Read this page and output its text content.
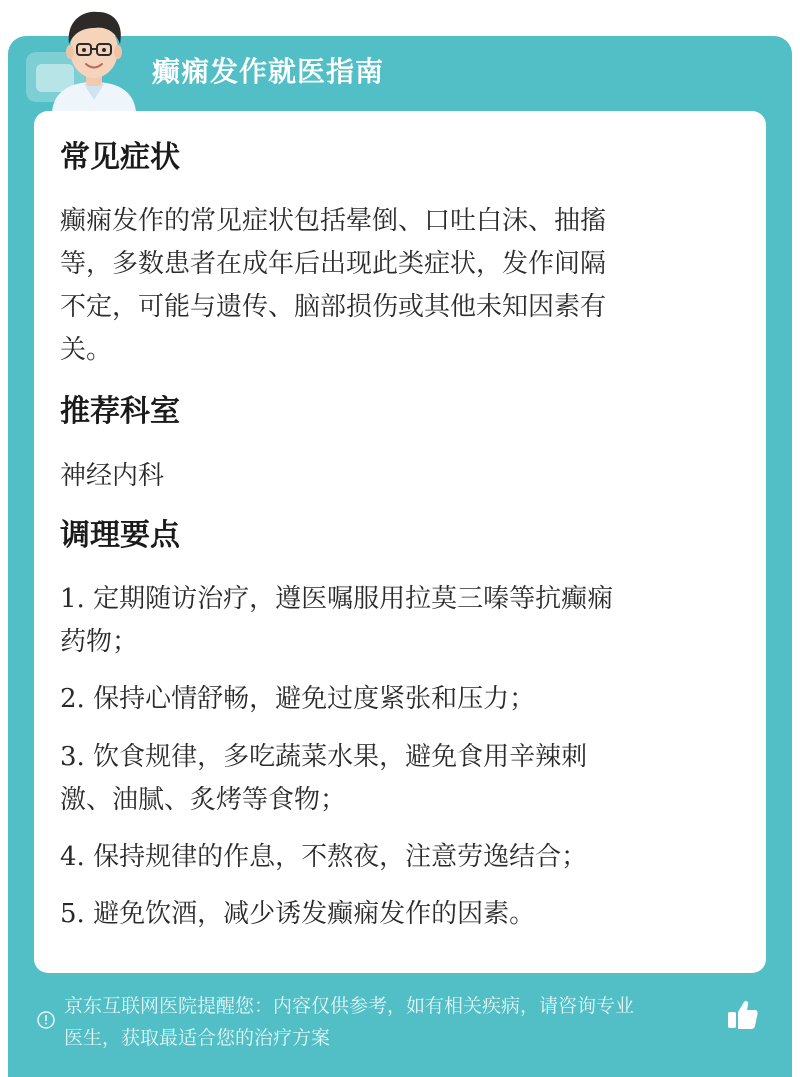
癫痫发作就医指南
常见症状
癫痫发作的常见症状包括晕倒、口吐白沫、抽搐
等，多数患者在成年后出现此类症状，发作间隔
不定，可能与遗传、脑部损伤或其他未知因素有
关。
推荐科室
神经内科
调理要点
1. 定期随访治疗，遵医嘱服用拉莫三嗪等抗癫痫
药物；
2. 保持心情舒畅，避免过度紧张和压力；
3. 饮食规律，多吃蔬菜水果，避免食用辛辣刺
激、油腻、炙烤等食物；
4. 保持规律的作息，不熬夜，注意劳逸结合；
5. 避免饮酒，减少诱发癫痫发作的因素。
京东互联网医院提醒您：内容仅供参考，如有相关疾病，请咨询专业
医生，获取最适合您的治疗方案
